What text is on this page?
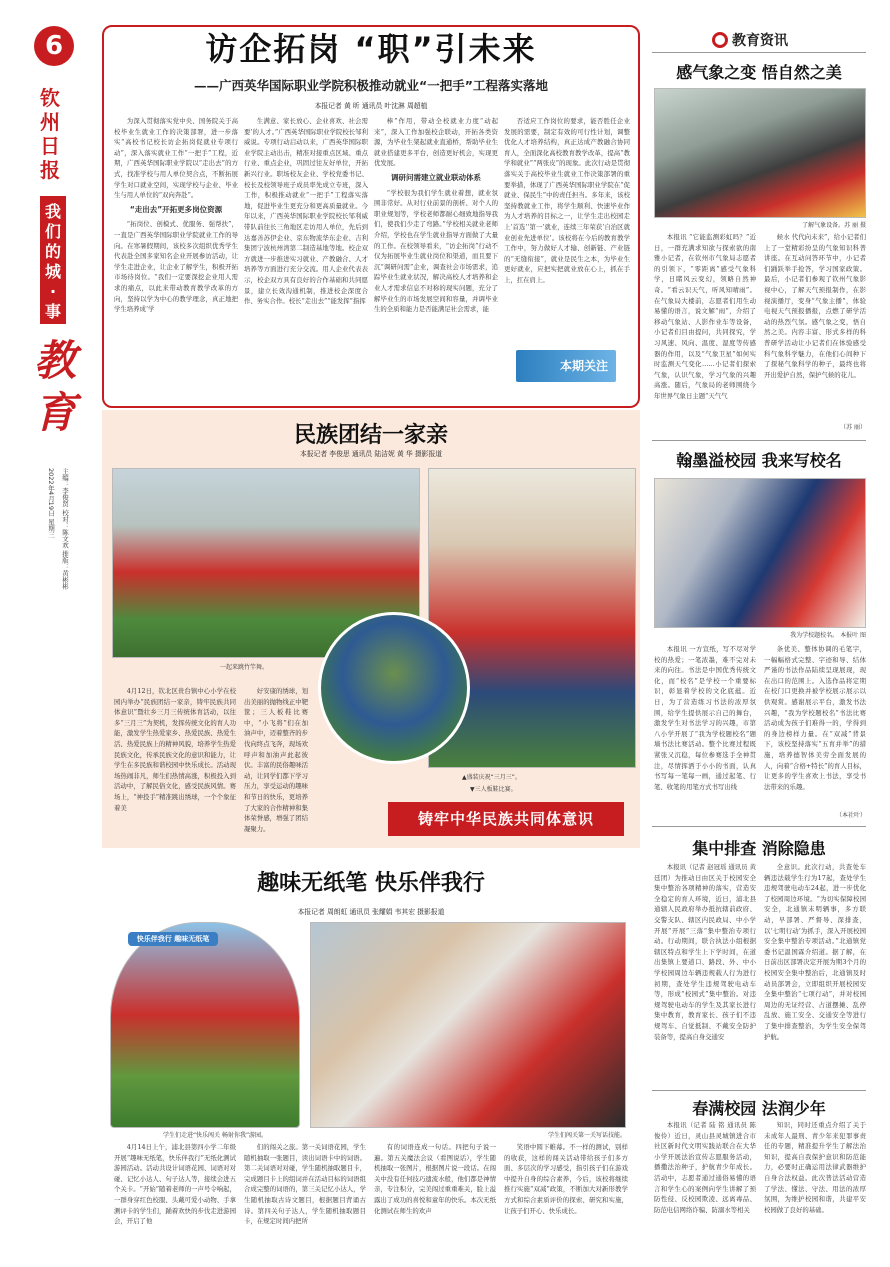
6
钦州日报
我们的城·事
教育
主编：李俊贤 校对：陈文欢 排版：黄彬彬
2022年4月19日 星期三
访企拓岗 “职”引未来
——广西英华国际职业学院积极推动就业“一把手”工程落实落地
本报记者 黄 昕 通讯员 叶沈淋 周超植

为深入贯彻落实党中央、国务院关于高校毕业生就业工作的决策部署，进一步落实“高校书记校长访企拓岗促就业专项行动”，深入落实就业工作“一把手”工程，近期，广西英华国际职业学院以“走出去”的方式，找准学校与用人单位契合点，不断拓展学生对口就业空间，实现学校与企业、毕业生与用人单位的“双向奔赴”。

“走出去”开拓更多岗位资源

“拓岗位、创模式、优服务、强帮扶”，一直是广西英华国际职业学院就业工作的导向。在寒暑假期间，该校多次组织优秀学生代表赴全国多家知名企业开展参访活动，让学生走进企业，让企业了解学生，积极开拓市场待岗位。“我们一定要深挖企业用人需求的痛点，以此来带动教育教学改革的方向，坚持以学为中心的教学理念，真正地把学生培养成‘学

生满意、家长放心、企业喜欢、社会需要’的人才。”广西英华国际职业学院校长邹利威说。专项行动启动以来，广西英华国际职业学院主动出击，精准对接重点区域、重点行业、重点企业，巩固过往友好单位，开拓新兴行业。职场校友企业、学校党委书记、校长及校领导班子成员率先成立专班，深入工作，积极推动就业“一把手”工程落实落地，促进毕业生更充分和更高质量就业。今年以来，广西英华国际职业学院校长邹利威带队前往长三角地区走访用人单位，先后到达嘉善苏伊企业、京东物流华东企业、吉利集团宁波杭州湾第二制造基地等地。校企双方就进一步推进实习就业、产教融合、人才培养等方面进行充分交流。用人企业代表表示，校企双方具有良好的合作基础和共同愿景，建立长效沟通机制，推进校企深度合作、务实合作。校长“走出去”“能发挥”指挥

棒”作用，带动全校就业力度“动起来”，深入工作加强校企联动，开拓各类资源，为毕业生架起就业直通桥，帮助毕业生就业搭建更多平台，创造更好机会，实现更优发展。

调研问需建立就业联动体系

“学校很为我们学生就业着想，就业氛围非常好。从对行业前景的剖析、对个人的职业规划等，学校老师都耐心细致地指导我们，使我们少走了弯路。”学校相关就业老师介绍，学校也在学生就业指导方面做了大量的工作。在校领导看来，“访企拓岗”行动不仅为拓展毕业生就业岗位和渠道，而且要下沉“调研问需”企业，调查社会市场需求，追踪毕业生就业状况，解决高校人才培养和企业人才需求信息不对称的现实问题，充分了解毕业生的市场发展空间和容量，并调毕业生的全质和能力是否能满足社会需求，能

否适应工作岗位的要求，能否胜任企业发展的需要，制定有效的可行性计划，调整优化人才培养结构，真正达成产教融合协同育人，全面深化高校教育教学改革，提高“教学和就业”“两张皮”的现象。此次行动是贯彻落实关于高校毕业生就业工作决策部署的重要举措，体现了广西英华国际职业学院在“促就业、保民生”中的责任担当。多年来，该校坚持教就业工作，将学生顺利、快速毕业作为人才培养的目标之一，让学生走出校园走上‘首选’‘第一’就业，连续三年荣获‘自治区就业创业先进单位’。该校将在今后的教育教学工作中，努力做好人才输、创新链、产业链的“无缝衔接”，就业是民生之本，为毕业生更好就业，应把实把就业放在心上，抓在手上，扛在肩上。

本期关注
教育资讯
感气象之变 悟自然之美
了解气象设备。苏 丽 摄

本报讯 “它能监测彩虹吗？”近日，一群充满求知欲与探索欲的南雅小记者，在钦州市气象局志愿者的引领下，“零距离”感受气象科学，日睹风云变幻，领略自然神奇。“看云识天气，听风知晴雨”。在气象局大楼前，志愿者们用生动易懂的语言，说文解“雨”，介绍了移动气象站、人影作业车等设备，小记者们目由提问，共同探究，学习风速、风向、温度、湿度等传感器的作用，以及“气象卫星”如何实时监测天气变化……小记者们探索气象，认识气象，学习气象的兴趣高涨。随后，气象局的老师围绕今年世界气象日主题“天气气

候水 代代向未来”，给小记者们上了一堂精彩纷呈的气象知识科普讲座。在互动问答环节中，小记者们踊跃举手抢答，学习国家政策。最后，小记者们参观了钦州气象影视中心，了解天气预报制作，在影视演播厅，变身“气象主播”，体验电视天气预报播报，点燃了研学活动的热烈气氛。感气象之变，悟自然之美。内容丰富、形式多样的科普研学活动让小记者们在体验感受科气象科学魅力，在他们心间种下了探秘气象科学的种子，最终也将开出爱护自然，保护气候的花儿。

（苏 丽）
翰墨溢校园 我来写校名
我为学校题校名。 本报叶 图

本报讯 一方宣纸，写不尽对学校的热爱；一笔浓墨，难不完对未来的向往。书法是中国优秀传统文化，而“校名”是学校一个重要标识，彰显着学校的文化底蕴。近日，为了营造练习书法的浓厚氛围，给学生提供展示自己的舞台，激发学生对书法学习的兴趣，市第八小学开展了“我为学校题校名”题墙书法比赛活动。整个比赛过程既紧张又沉稳，每位参赛选手全神贯注，尽情挥洒于小小的书面，认真书写每一笔每一画，通过起笔、行笔、收笔的用笔方式书写出线

条优美、整体协调的毛笔字，一幅幅格式完整、字迹和导、结体严谨的书法作品陆续呈现展现，现在出口的范围上。入选作品将定期在校门口更换并被学校展示展示以供观赏。感谢展示平台，激发书法兴趣，“我为学校题校名”书法比赛活动成为孩子们难得一的，学得到的身边榜样力量。在“双减”背景下，该校坚持落实“五育并举”的措施，培养德智体美劳全面发展的人，向着“合格+特长”的育人目标，让更多的学生喜欢上书法，享受书法带来的乐趣。

（本社叶）
集中排查 消除隐患

本报讯（记者 赵冠瑶 通讯员 黄廷团）为推动日由区关于校园安全集中整治各项精神的落实，营造安全稳定的育人环境，近日，浦北县通辖人民政府举办抵抗辖前政府、交警支队、辖区内民政局、中小学开展“开展”三落“集中整治专项行动。行动期间，联合执法小组根据辖区特点和学生上下学时间，在道出集镇上要道口、路段、外、中小学校园周边车辆违规载人行为进行初期，查处学生违规驾驶电动车等，形成“校园式”集中整治。对违规驾驶电动车的学生及其家长进行集中教育，教育家长、孩子们不违规驾车、自觉抵制、不戴安全防护装备等，提高自身交通安

全意识。此次行动，共查处车辆违法载学生行为17起，查处学生违规驾驶电动车24起，进一步优化了校园周边环境。“为切实保障校园安全，北通镇未明辆事，多方联动，早部署、严督导、深排查，以‘七明行动’为抓手，深入开展校园安全集中整治专项活动。”北通镇党委书记温国霖介绍道。据了解，在日前出区部署决定开展为期3个月的校园安全集中整治后，北通镇及时动员部署会，立即组织开展校园安全集中整治“七项行动”，并对校园周边的无证经营、占道摆摊、乱停乱放、施工安全、交通安全等进行了集中排查整治，为学生安全保驾护航。

春满校园 法润少年

本报讯（记者 陆 铭 通讯员 陈俊伶）近日，灵山县灵城镇进合市社区新时代文明实践站联合在大华小学开展法治宣传志愿服务活动，播撒法治种子，护航青少年成长。活动中，志愿者通过通俗易懂的语言和学生心的案例向学生讲解了预防性侵、反校园欺凌、远离毒品、防范电信网络诈骗、防溺水等相关

知识，同时还重点介绍了关于未成年人最刑、青少年来犯罪事责任的专题，精准提升学生了解法治知识，提高自我保护意识和防范能力，必要时正确运用法律武器维护自身合法权益。此次普法活动营造了学法、懂法、守法、用法的浓厚氛围，为维护校园和谐，共建平安校园做了良好的基础。

民族团结一家亲
本报记者 李俊思 通讯员 陆洁妮 黄 华 摄影报道
一起来跳竹竿舞。
▲盛装庆祝“三月三”。
▼三人板鞋比赛。

4月12日，钦北区贵台镇中心小学在校园内举办“民族团结一家亲，铸牢民族共同体意识”暨壮乡三月三传统体育活动，以往多“三月三”为契机，发挥传统文化的育人功能，激发学生热爱家乡、热爱民族、热爱生活、热爱民族上的精神风貌，培养学生热爱民族文化，传承民族文化的意识和能力，让学生在多民族和谐校园中快乐成长。活动现场热闹非凡，师生们热情高涨，积极投入到活动中，了解民俗文化，感受民族风情。赛场上，“神投手”精准跳出绣球，一个个象征着美

好安康的绣球，划出美丽的抛物线正中靶筐；三人板鞋比赛中，“小飞将”们在加油声中，迈着整齐的步伐向终点飞奔，现场欢呼声和加油声此起彼伏。丰富的民俗趣味活动，让同学们都下学习压力，享受运动的趣味和节日的快乐，更培养了大家的合作精神和集体荣誉感，增强了团结凝聚力。

铸牢中华民族共同体意识
趣味无纸笔 快乐伴我行
本报记者 周朗虹 通讯员 张耀娟 韦其宏 摄影报道
快乐伴我行 趣味无纸笔
学生们走进“快乐闯关 畅射你我”游园。	学生们闯关第一关写话技能。

4月14日上午，浦北县第四小学二年级开展“趣味无纸笔，快乐伴我行”无纸化测试游园活动。活动共设计词语花园、词语对对碰、记忆小达人、句子达人等，接续会进五个关卡。“开始”随着老师的一声号令响起，一群身穿红色校服、头戴可爱小动物、手拿测评卡的学生们，踊着欢快的步伐走进游园会，开启了他

们的闯关之旅。第一关词语花园，学生随机抽取一张题目，读出词语卡中的词语。第二关词语对对碰，学生随机抽取题目卡，完成题目卡上的组词并在活动目标的词语组合成完整的词语的，第三关记忆小达人，学生随机抽取古诗文题目，根据题目背诵古诗。第四关句子达人，学生随机抽取题目卡，在规定时间内把所

有的词语连成一句话。四把句子说一遍。第五关魔法会议（看图说话），学生随机抽取一张图片，根据图片说一段话。在闯关中没有任何技巧遗流水般，他们都是神情亲，专注积分，完美闯过重重难关，脸上溢露出了成功的喜悦和童年的快乐。本次无纸化测试在师生的欢声

笑语中圆下帷幕。不一样的测试，别样的收获，这样的闯关活动带给孩子们多方面、多层次的学习感受，指引孩子们在游戏中提升自身的综合素养，今后，该校将继续推行实施“双减”政策，不断加大对新形教学方式和综合素质评价的探索、研究和实施，让孩子们开心、快乐成长。
